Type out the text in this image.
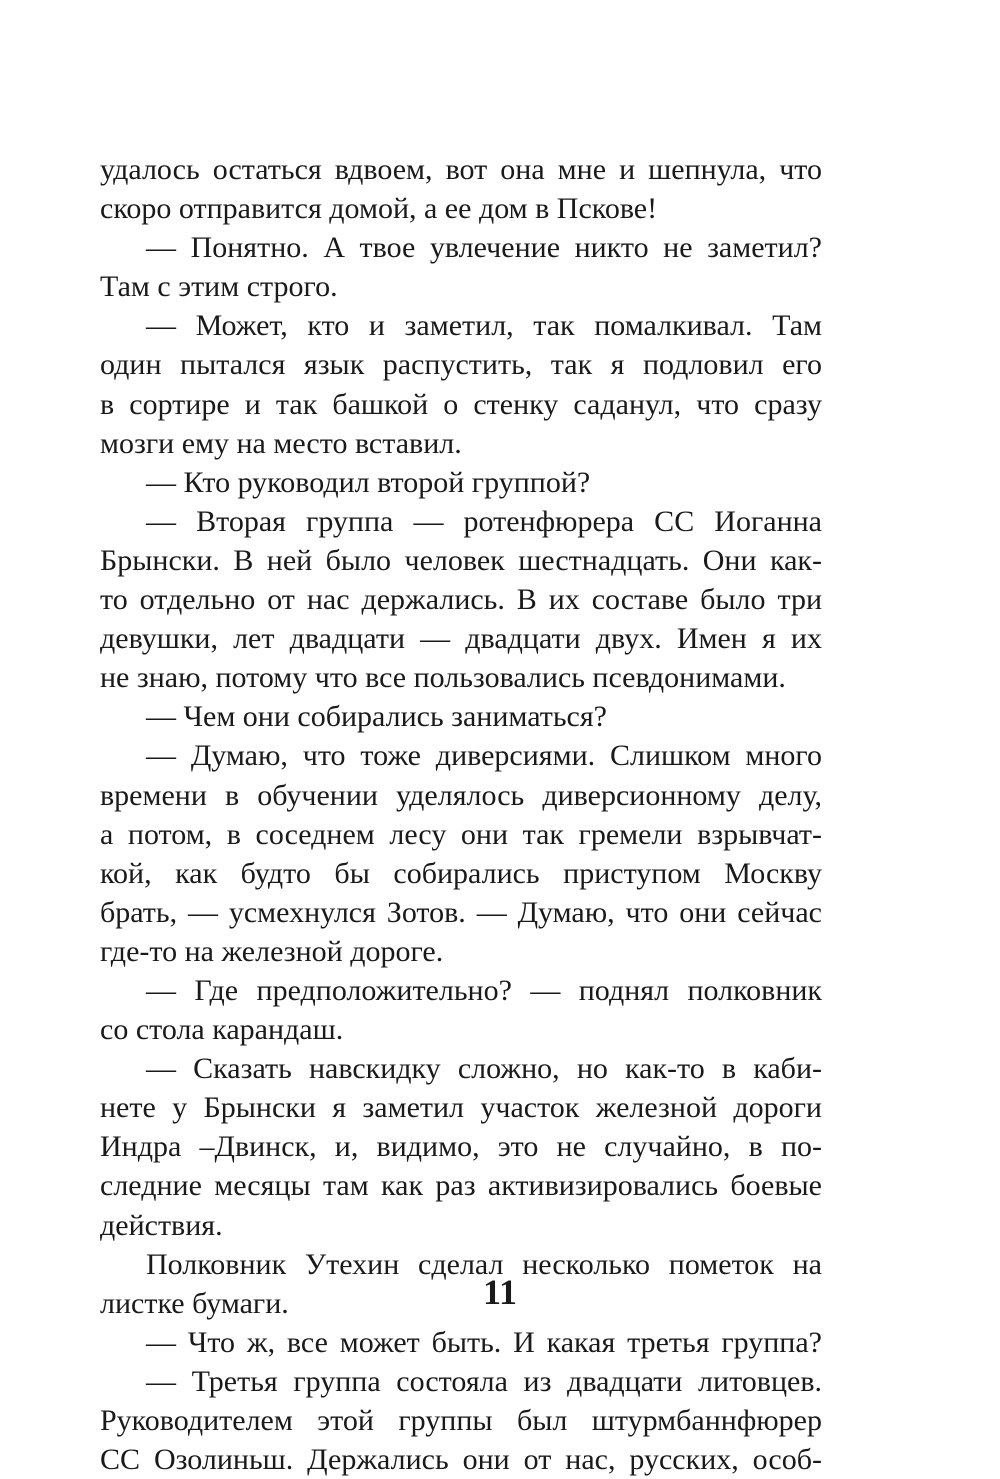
удалось остаться вдвоем, вот она мне и шепнула, что
скоро отправится домой, а ее дом в Пскове!
— Понятно. А твое увлечение никто не заметил?
Там с этим строго.
— Может, кто и заметил, так помалкивал. Там
один пытался язык распустить, так я подловил его
в сортире и так башкой о стенку саданул, что сразу
мозги ему на место вставил.
— Кто руководил второй группой?
— Вторая группа — ротенфюрера СС Иоганна
Брынски. В ней было человек шестнадцать. Они как-
то отдельно от нас держались. В их составе было три
девушки, лет двадцати — двадцати двух. Имен я их
не знаю, потому что все пользовались псевдонимами.
— Чем они собирались заниматься?
— Думаю, что тоже диверсиями. Слишком много
времени в обучении уделялось диверсионному делу,
а потом, в соседнем лесу они так гремели взрывчат-
кой, как будто бы собирались приступом Москву
брать, — усмехнулся Зотов. — Думаю, что они сейчас
где-то на железной дороге.
— Где предположительно? — поднял полковник
со стола карандаш.
— Сказать навскидку сложно, но как-то в каби-
нете у Брынски я заметил участок железной дороги
Индра –Двинск, и, видимо, это не случайно, в по-
следние месяцы там как раз активизировались боевые
действия.
Полковник Утехин сделал несколько пометок на
листке бумаги.
— Что ж, все может быть. И какая третья группа?
— Третья группа состояла из двадцати литовцев.
Руководителем этой группы был штурмбаннфюрер
СС Озолиньш. Держались они от нас, русских, особ-
11
